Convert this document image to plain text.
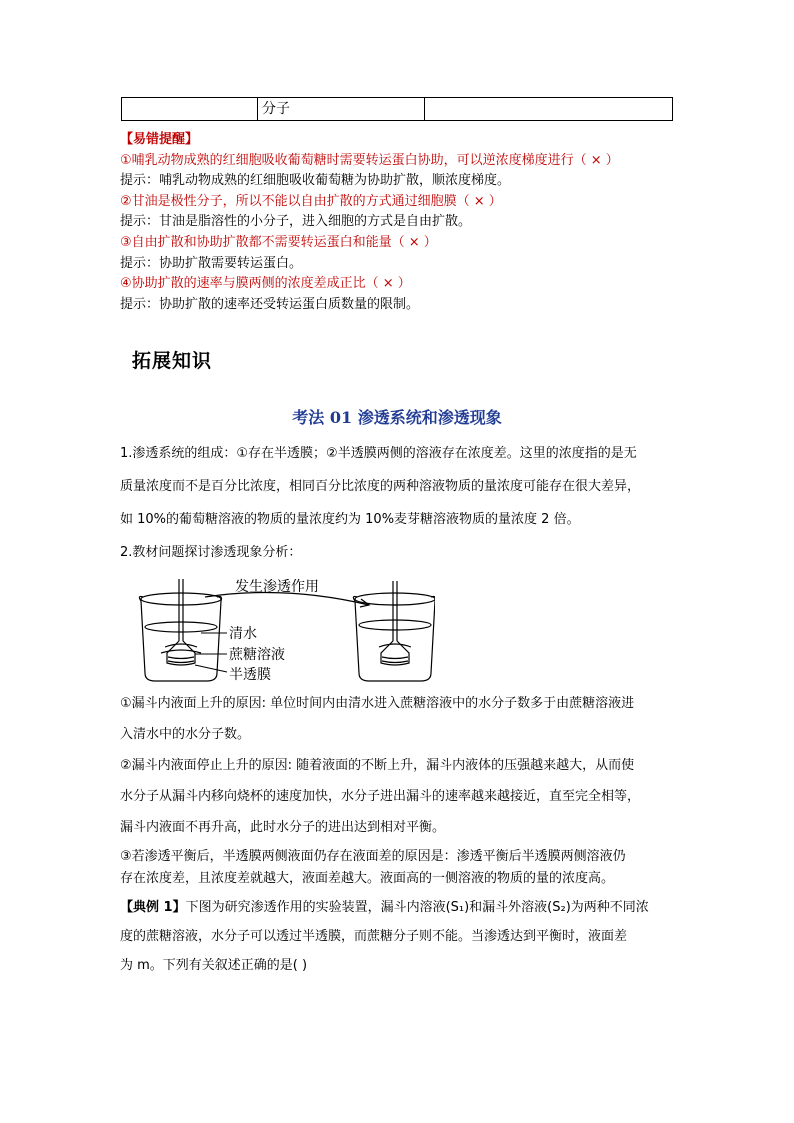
	分子	
【易错提醒】
①哺乳动物成熟的红细胞吸收葡萄糖时需要转运蛋白协助，可以逆浓度梯度进行（ × ）
提示：哺乳动物成熟的红细胞吸收葡萄糖为协助扩散，顺浓度梯度。
②甘油是极性分子，所以不能以自由扩散的方式通过细胞膜（ × ）
提示：甘油是脂溶性的小分子，进入细胞的方式是自由扩散。
③自由扩散和协助扩散都不需要转运蛋白和能量（ × ）
提示：协助扩散需要转运蛋白。
④协助扩散的速率与膜两侧的浓度差成正比（ × ）
提示：协助扩散的速率还受转运蛋白质数量的限制。
拓展知识
考法 01 渗透系统和渗透现象

1.渗透系统的组成：①存在半透膜；②半透膜两侧的溶液存在浓度差。这里的浓度指的是无

质量浓度而不是百分比浓度，相同百分比浓度的两种溶液物质的量浓度可能存在很大差异，

如 10%的葡萄糖溶液的物质的量浓度约为 10%麦芽糖溶液物质的量浓度 2 倍。

2.教材问题探讨渗透现象分析：

发生渗透作用
清水
蔗糖溶液
半透膜

①漏斗内液面上升的原因: 单位时间内由清水进入蔗糖溶液中的水分子数多于由蔗糖溶液进

入清水中的水分子数。

②漏斗内液面停止上升的原因: 随着液面的不断上升，漏斗内液体的压强越来越大，从而使

水分子从漏斗内移向烧杯的速度加快，水分子进出漏斗的速率越来越接近，直至完全相等，

漏斗内液面不再升高，此时水分子的进出达到相对平衡。

③若渗透平衡后，半透膜两侧液面仍存在液面差的原因是：渗透平衡后半透膜两侧溶液仍

存在浓度差，且浓度差就越大，液面差越大。液面高的一侧溶液的物质的量的浓度高。

【典例 1】下图为研究渗透作用的实验装置，漏斗内溶液(S₁)和漏斗外溶液(S₂)为两种不同浓

度的蔗糖溶液，水分子可以透过半透膜，而蔗糖分子则不能。当渗透达到平衡时，液面差

为 m。下列有关叙述正确的是( )
